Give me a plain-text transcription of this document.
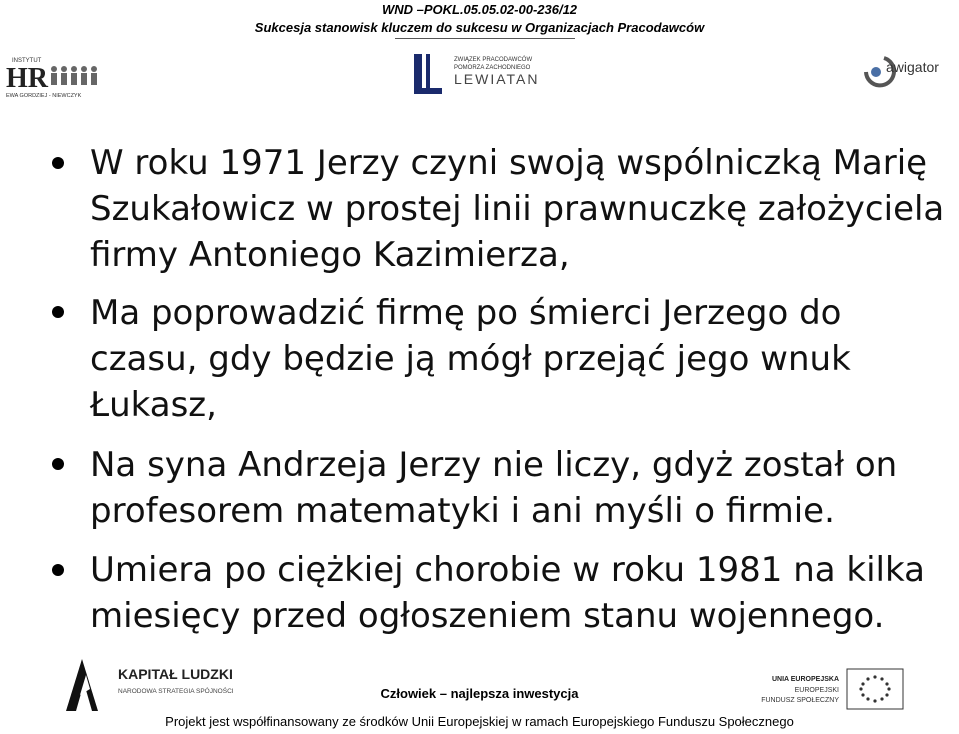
WND –POKL.05.05.02-00-236/12
Sukcesja stanowisk kluczem do sukcesu w Organizacjach Pracodawców
INSTYTUT
HR
EWA GORDZIEJ - NIEWCZYK
ZWIĄZEK PRACODAWCÓW
POMORZA ZACHODNIEGO
LEWIATAN
awigator

W roku 1971 Jerzy czyni swoją wspólniczką Marię Szukałowicz w prostej linii prawnuczkę założyciela firmy Antoniego Kazimierza,

Ma poprowadzić firmę po śmierci Jerzego do czasu, gdy będzie ją mógł przejąć jego wnuk Łukasz,

Na syna Andrzeja Jerzy nie liczy, gdyż został on profesorem matematyki i ani myśli o firmie.

Umiera po ciężkiej chorobie w roku 1981 na kilka miesięcy przed ogłoszeniem stanu wojennego.

KAPITAŁ LUDZKI
NARODOWA STRATEGIA SPÓJNOŚCI	Człowiek – najlepsza inwestycja
Projekt jest współfinansowany ze środków Unii Europejskiej w ramach Europejskiego Funduszu Społecznego
UNIA EUROPEJSKA
EUROPEJSKI
FUNDUSZ SPOŁECZNY
